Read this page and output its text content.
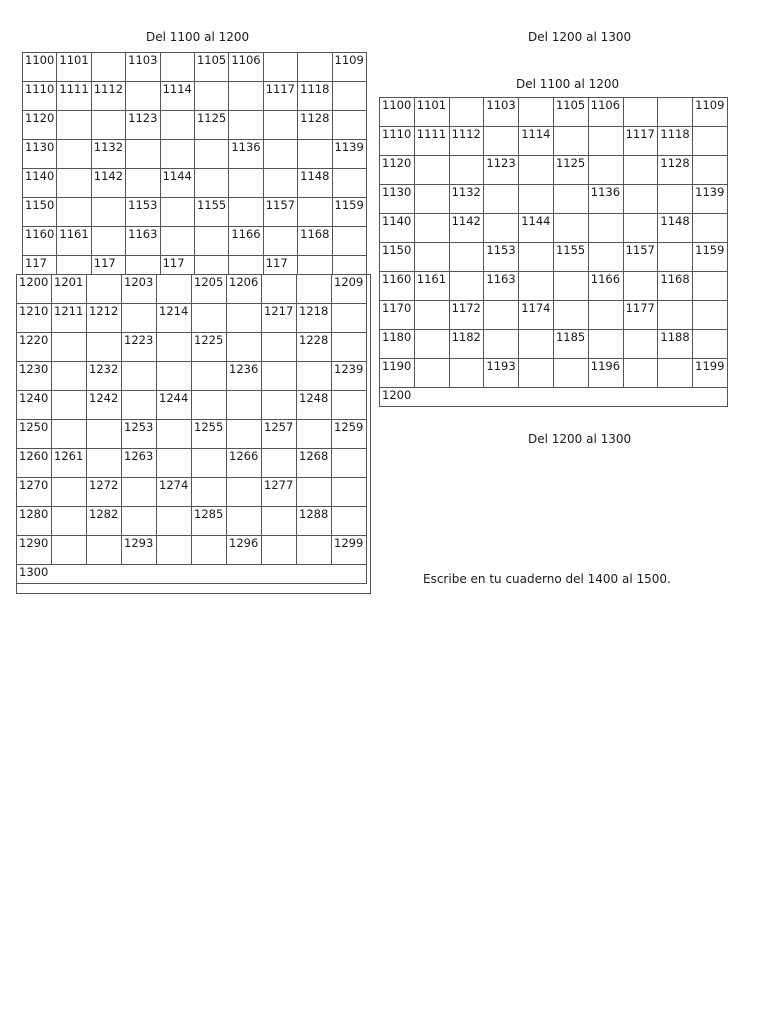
Del 1100 al 1200	Del 1200 al 1300
Del 1100 al 1200
Del 1200 al 1300
Escribe en tu cuaderno del 1400 al 1500.
1100	1101		1103		1105	1106			1109
1110	1111	1112		1114			1117	1118	
1120			1123		1125			1128	
1130		1132				1136			1139
1140		1142		1144				1148	
1150			1153		1155		1157		1159
1160	1161		1163			1166		1168	
117		117		117			117		
1200	1201		1203		1205	1206			1209
1210	1211	1212		1214			1217	1218	
1220			1223		1225			1228	
1230		1232				1236			1239
1240		1242		1244				1248	
1250			1253		1255		1257		1259
1260	1261		1263			1266		1268	
1270		1272		1274			1277		
1280		1282			1285			1288	
1290			1293			1296			1299
1300									
1100	1101		1103		1105	1106			1109
1110	1111	1112		1114			1117	1118	
1120			1123		1125			1128	
1130		1132				1136			1139
1140		1142		1144				1148	
1150			1153		1155		1157		1159
1160	1161		1163			1166		1168	
1170		1172		1174			1177		
1180		1182			1185			1188	
1190			1193			1196			1199
1200									
